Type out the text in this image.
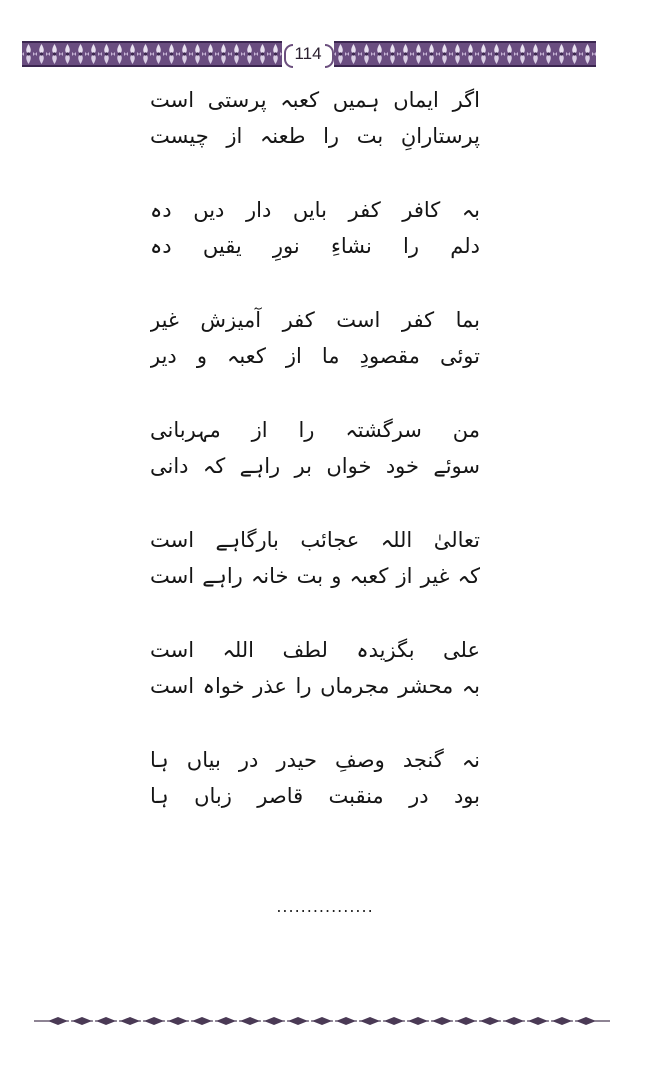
114
اگر ایماں ہمیں کعبہ پرستی است
پرستارانِ بت را طعنہ از چیست
بہ کافر کفر بایں دار دیں دہ
دلم را نشاءِ نورِ یقیں دہ
بما کفر است کفر آمیزش غیر
توئی مقصودِ ما از کعبہ و دیر
من سرگشتہ را از مہربانی
سوئے خود خواں بر راہے کہ دانی
تعالیٰ اللہ عجائب بارگاہے است
کہ غیر از کعبہ و بت خانہ راہے است
علی بگزیدہ لطف اللہ است
بہ محشر مجرماں را عذر خواہ است
نہ گنجد وصفِ حیدر در بیاں ہا
بود در منقبت قاصر زباں ہا
................
